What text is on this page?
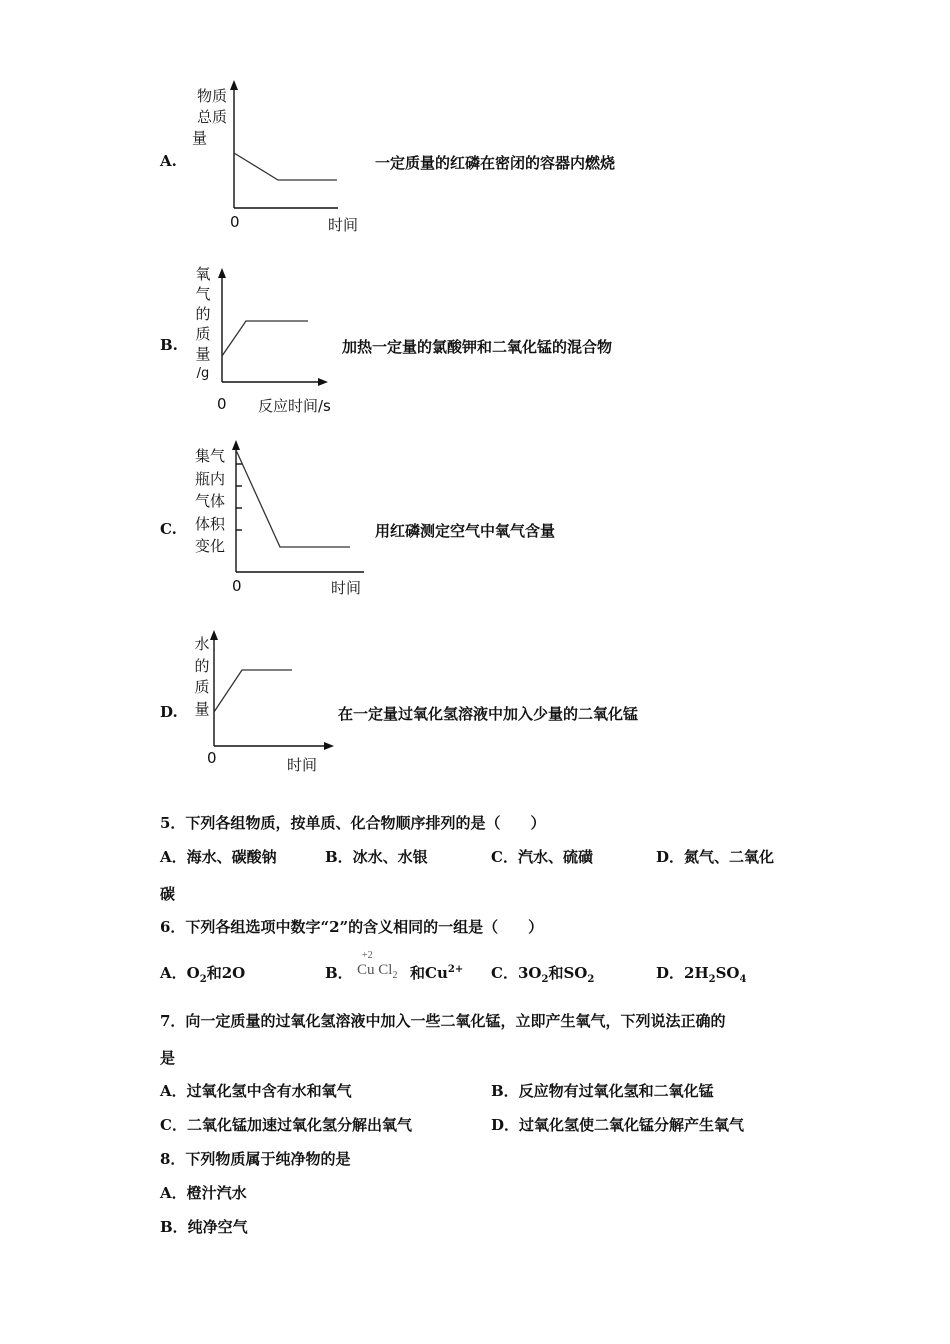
A.
物质
总质
量
0	时间
一定质量的红磷在密闭的容器内燃烧
B.
氧
气
的
质
量
/g
0 反应时间/s
加热一定量的氯酸钾和二氧化锰的混合物
C.
集气
瓶内
气体
体积
变化
0	时间
用红磷测定空气中氧气含量
D.
水
的
质
量
0	时间
在一定量过氧化氢溶液中加入少量的二氧化锰
5．下列各组物质，按单质、化合物顺序排列的是（　　）
A．海水、碳酸钠	B．冰水、水银	C．汽水、硫磺	D．氮气、二氧化
碳
6．下列各组选项中数字“2”的含义相同的一组是（　　）
A．$O_2$和2O	B．
+2
Cu $Cl_2$ 和$Cu^{2+}$ C．$3O_2$和$SO_2$	D．$2H_2SO_4$
7．向一定质量的过氧化氢溶液中加入一些二氧化锰，立即产生氧气，下列说法正确的
是
A．过氧化氢中含有水和氧气	B．反应物有过氧化氢和二氧化锰
C．二氧化锰加速过氧化氢分解出氧气	D．过氧化氢使二氧化锰分解产生氧气
8．下列物质属于纯净物的是
A．橙汁汽水
B．纯净空气
